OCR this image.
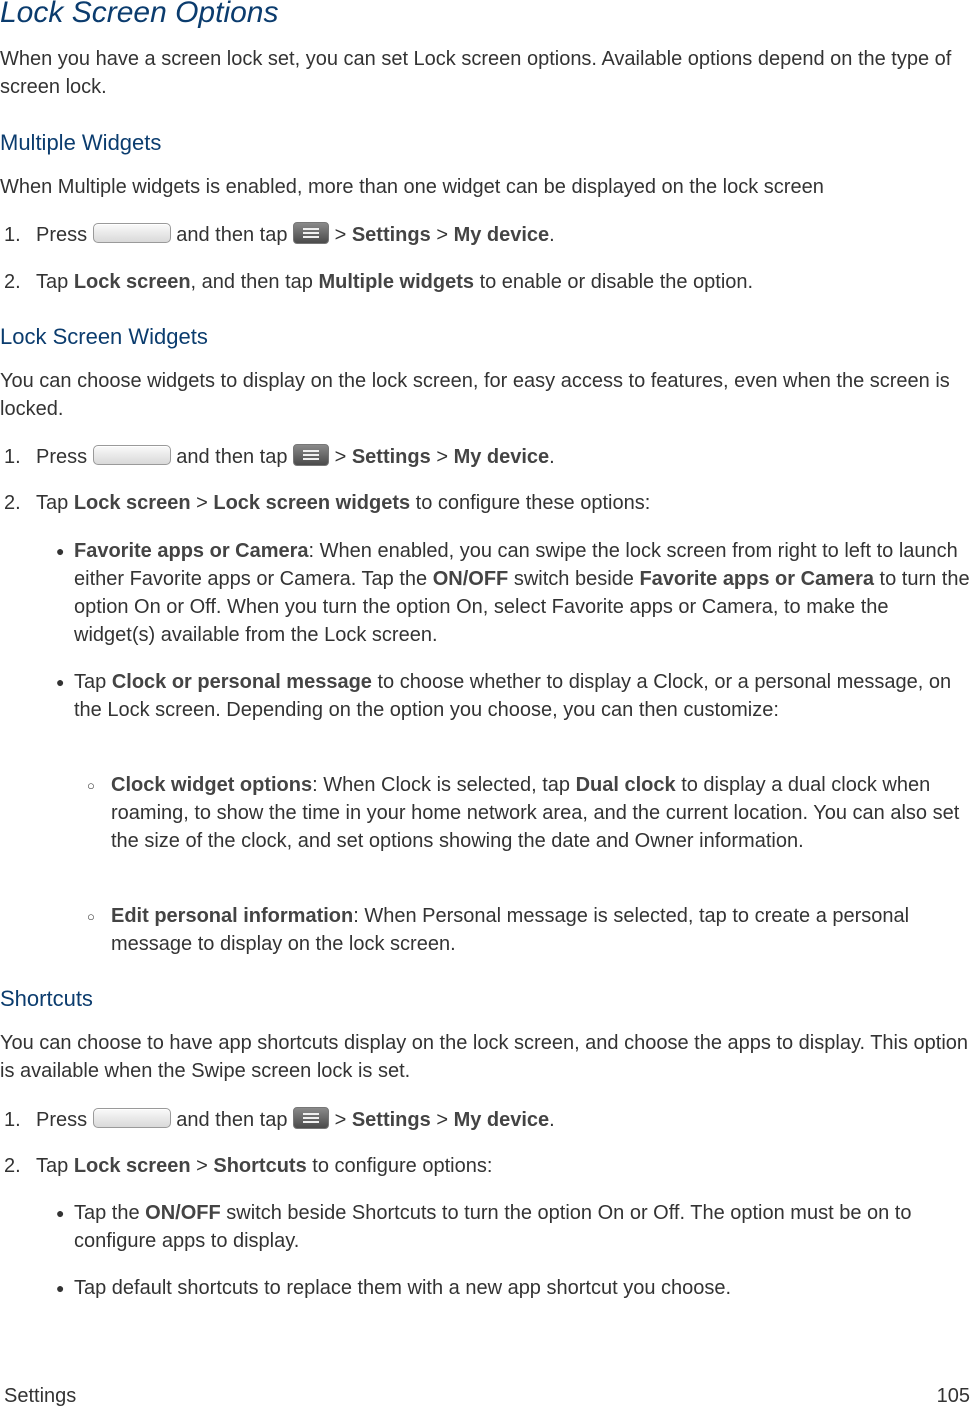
Lock Screen Options

When you have a screen lock set, you can set Lock screen options. Available options depend on the type of screen lock.

Multiple Widgets

When Multiple widgets is enabled, more than one widget can be displayed on the lock screen

1. Press	and then tap > Settings > My device.
2. Tap Lock screen, and then tap Multiple widgets to enable or disable the option.
Lock Screen Widgets

You can choose widgets to display on the lock screen, for easy access to features, even when the screen is locked.

1. Press	and then tap > Settings > My device.
2. Tap Lock screen > Lock screen widgets to configure these options:
● Favorite apps or Camera: When enabled, you can swipe the lock screen from right to left to launch either Favorite apps or Camera. Tap the ON/OFF switch beside Favorite apps or Camera to turn the option On or Off. When you turn the option On, select Favorite apps or Camera, to make the widget(s) available from the Lock screen.
● Tap Clock or personal message to choose whether to display a Clock, or a personal message, on the Lock screen. Depending on the option you choose, you can then customize:
○ Clock widget options: When Clock is selected, tap Dual clock to display a dual clock when roaming, to show the time in your home network area, and the current location. You can also set the size of the clock, and set options showing the date and Owner information.
○ Edit personal information: When Personal message is selected, tap to create a personal message to display on the lock screen.
Shortcuts

You can choose to have app shortcuts display on the lock screen, and choose the apps to display. This option is available when the Swipe screen lock is set.

1. Press	and then tap > Settings > My device.
2. Tap Lock screen > Shortcuts to configure options:
● Tap the ON/OFF switch beside Shortcuts to turn the option On or Off. The option must be on to configure apps to display.
● Tap default shortcuts to replace them with a new app shortcut you choose.
Settings	105
